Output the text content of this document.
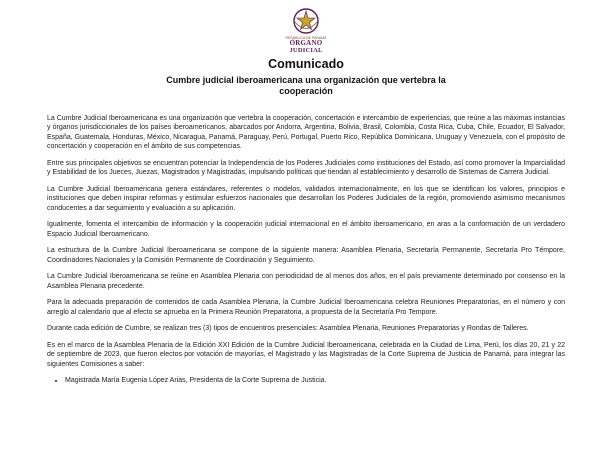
REPÚBLICA DE PANAMÁ
ÓRGANO
JUDICIAL
Comunicado
Cumbre judicial iberoamericana una organización que vertebra la cooperación

La Cumbre Judicial Iberoamericana es una organización que vertebra la cooperación, concertación e intercambio de experiencias, que reúne a las máximas instancias y órganos jurisdiccionales de los países iberoamericanos, abarcados por Andorra, Argentina, Bolivia, Brasil, Colombia, Costa Rica, Cuba, Chile, Ecuador, El Salvador, España, Guatemala, Honduras, México, Nicaragua, Panamá, Paraguay, Perú, Portugal, Puerto Rico, República Dominicana, Uruguay y Venezuela, con el propósito de concertación y cooperación en el ámbito de sus competencias.

Entre sus principales objetivos se encuentran potenciar la Independencia de los Poderes Judiciales como instituciones del Estado, así como promover la Imparcialidad y Estabilidad de los Jueces, Juezas, Magistrados y Magistradas, impulsando políticas que tiendan al establecimiento y desarrollo de Sistemas de Carrera Judicial.

La Cumbre Judicial Iberoamericana genera estándares, referentes o modelos, validados internacionalmente, en los que se identifican los valores, principios e instituciones que deben inspirar reformas y estimular esfuerzos nacionales que desarrollan los Poderes Judiciales de la región, promoviendo asimismo mecanismos conducentes a dar seguimiento y evaluación a su aplicación.

Igualmente, fomenta el intercambio de información y la cooperación judicial internacional en el ámbito iberoamericano, en aras a la conformación de un verdadero Espacio Judicial Iberoamericano.

La estructura de la Cumbre Judicial Iberoamericana se compone de la siguiente manera: Asamblea Plenaria, Secretaría Permanente, Secretaría Pro Témpore, Coordinadores Nacionales y la Comisión Permanente de Coordinación y Seguimiento.

La Cumbre Judicial Iberoamericana se reúne en Asamblea Plenaria con periodicidad de al menos dos años, en el país previamente determinado por consenso en la Asamblea Plenaria precedente.

Para la adecuada preparación de contenidos de cada Asamblea Plenaria, la Cumbre Judicial Iberoamericana celebra Reuniones Preparatorias, en el número y con arreglo al calendario que al efecto se aprueba en la Primera Reunión Preparatoria, a propuesta de la Secretaría Pro Tempore.

Durante cada edición de Cumbre, se realizan tres (3) tipos de encuentros presenciales: Asamblea Plenaria, Reuniones Preparatorias y Rondas de Talleres.

Es en el marco de la Asamblea Plenaria de la Edición XXI Edición de la Cumbre Judicial Iberoamericana, celebrada en la Ciudad de Lima, Perú, los días 20, 21 y 22 de septiembre de 2023, que fueron electos por votación de mayorías, el Magistrado y las Magistradas de la Corte Suprema de Justicia de Panamá, para integrar las siguientes Comisiones a saber:

• Magistrada María Eugenia López Arias, Presidenta de la Corte Suprema de Justicia.
